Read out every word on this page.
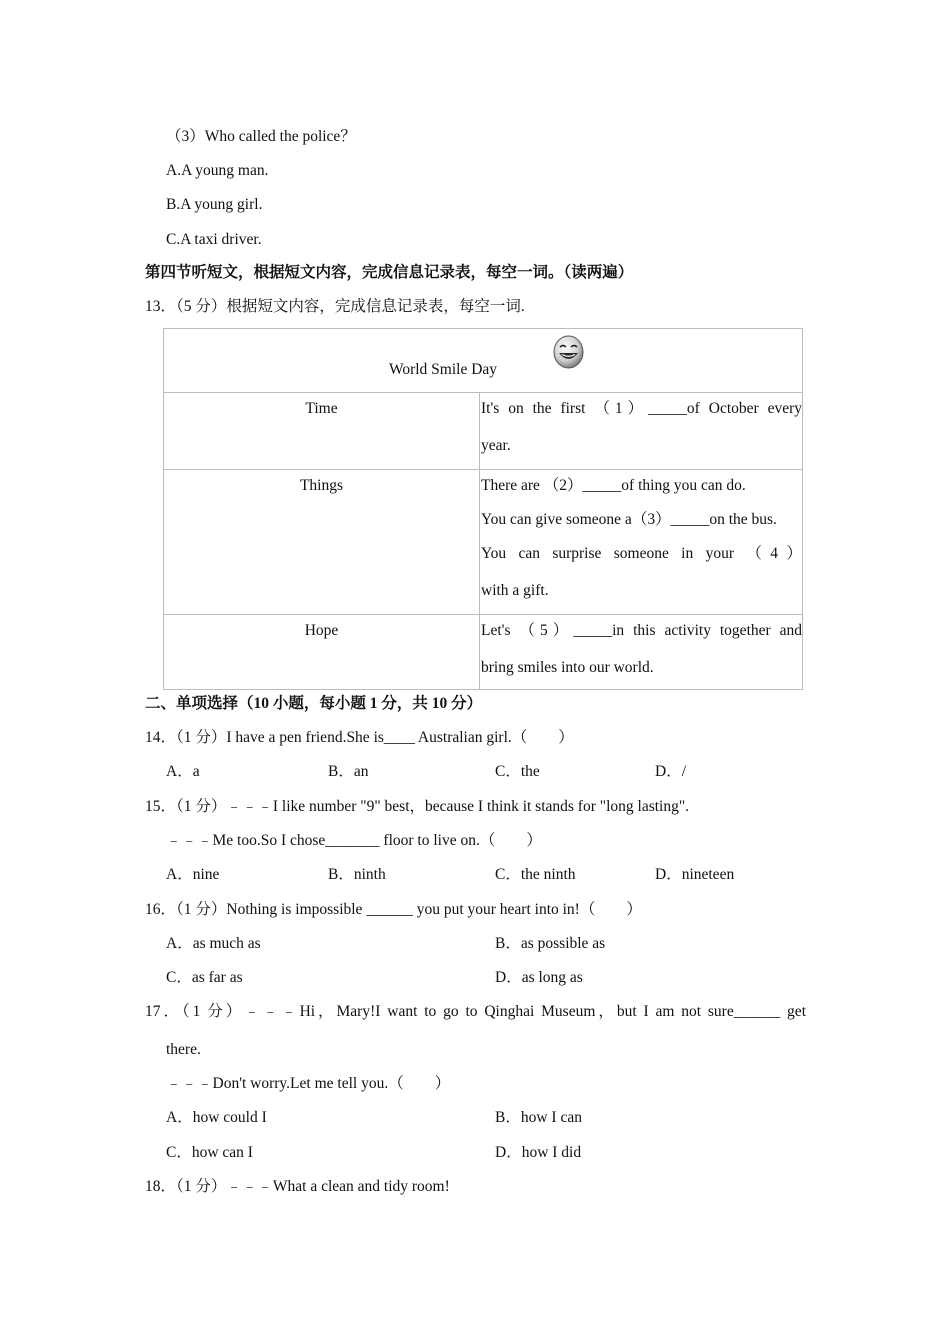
（3）Who called the police？
A.A young man.
B.A young girl.
C.A taxi driver.
第四节听短文，根据短文内容，完成信息记录表，每空一词。（读两遍）
13．（5 分）根据短文内容，完成信息记录表，每空一词.
World Smile Day
Time	It's on the first （1）_____of October every
year.
Things	There are （2）_____of thing you can do.
You can give someone a（3）_____on the bus.
You can surprise someone in your （4）
with a gift.
Hope	Let's （5）_____in this activity together and
bring smiles into our world.
二、单项选择（10 小题，每小题 1 分，共 10 分）
14．（1 分）I have a pen friend.She is____ Australian girl.（　　）
A．a	B．an	C．the	D．/
15．（1 分）﹣﹣﹣I like number "9" best，because I think it stands for "long lasting".
﹣﹣﹣Me too.So I chose_______ floor to live on.（　　）
A．nine	B．ninth	C．the ninth	D．nineteen
16．（1 分）Nothing is impossible ______ you put your heart into in!（　　）
A．as much as	B．as possible as
C．as far as	D．as long as
17．（1 分）﹣﹣﹣Hi，Mary!I want to go to Qinghai Museum，but I am not sure______ get
there.
﹣﹣﹣Don't worry.Let me tell you.（　　）
A．how could I	B．how I can
C．how can I	D．how I did
18．（1 分）﹣﹣﹣What a clean and tidy room!
